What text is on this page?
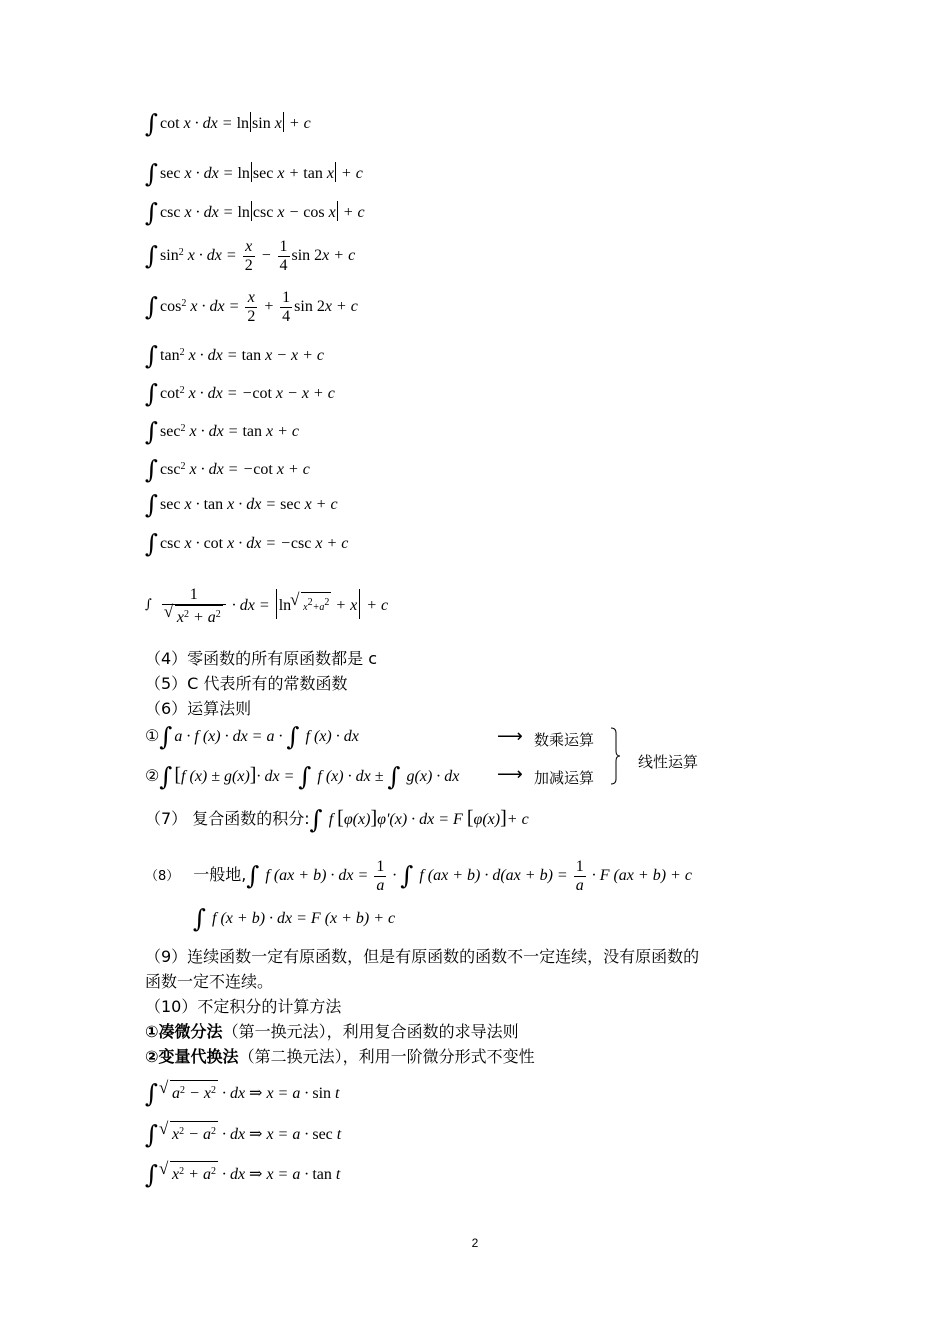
∫ cot x · dx = ln sin x + c
∫ sec x · dx = ln sec x + tan x + c
∫ csc x · dx = ln csc x − cos x + c
∫ $\sin^2 x$ · dx = $\frac{x}{2} - \frac{1}{4}$ sin 2x + c
∫ $\cos^2 x$ · dx = $\frac{x}{2} + \frac{1}{4}$ sin 2x + c
∫ $\tan^2 x$ · dx = tan x − x + c
∫ $\cot^2 x$ · dx = −cot x − x + c
∫ $\sec^2 x$ · dx = tan x + c
∫ $\csc^2 x$ · dx = −cot x + c
∫ sec x · tan x · dx = sec x + c
∫ csc x · cot x · dx = −csc x + c
∫ 1
√ $x^2 + a^2$ · dx = ln √ $x^2+a^2 + x + c$
（4）零函数的所有原函数都是 c
（5）C 代表所有的常数函数
（6）运算法则
①∫ a · f (x) · dx = a · ∫ f (x) · dx	⟶ 数乘运算
②∫ [f (x) ± g(x)]· dx = ∫ f (x) · dx ± ∫ g(x) · dx ⟶ 加减运算
线性运算
（7） 复合函数的积分:∫ f [φ(x)]φ'(x) · dx = F [φ(x)]+ c
（8） 一般地,∫ f (ax + b) · dx = $\frac{1}{a}$ · ∫ f $(ax + b) \cdot d(ax + b) = \frac{1}{a} \cdot F$ (ax + b) + c
∫ f (x + b) · dx = F (x + b) + c
（9）连续函数一定有原函数，但是有原函数的函数不一定连续，没有原函数的
函数一定不连续。
（10）不定积分的计算方法
①凑微分法（第一换元法），利用复合函数的求导法则
②变量代换法（第二换元法），利用一阶微分形式不变性
∫ √ $a^2 - x^2$ · dx ⇒ x = a · sin t
∫ √ $x^2 - a^2$ · dx ⇒ x = a · sec t
∫ √ $x^2 + a^2$ · dx ⇒ x = a · tan t
2
